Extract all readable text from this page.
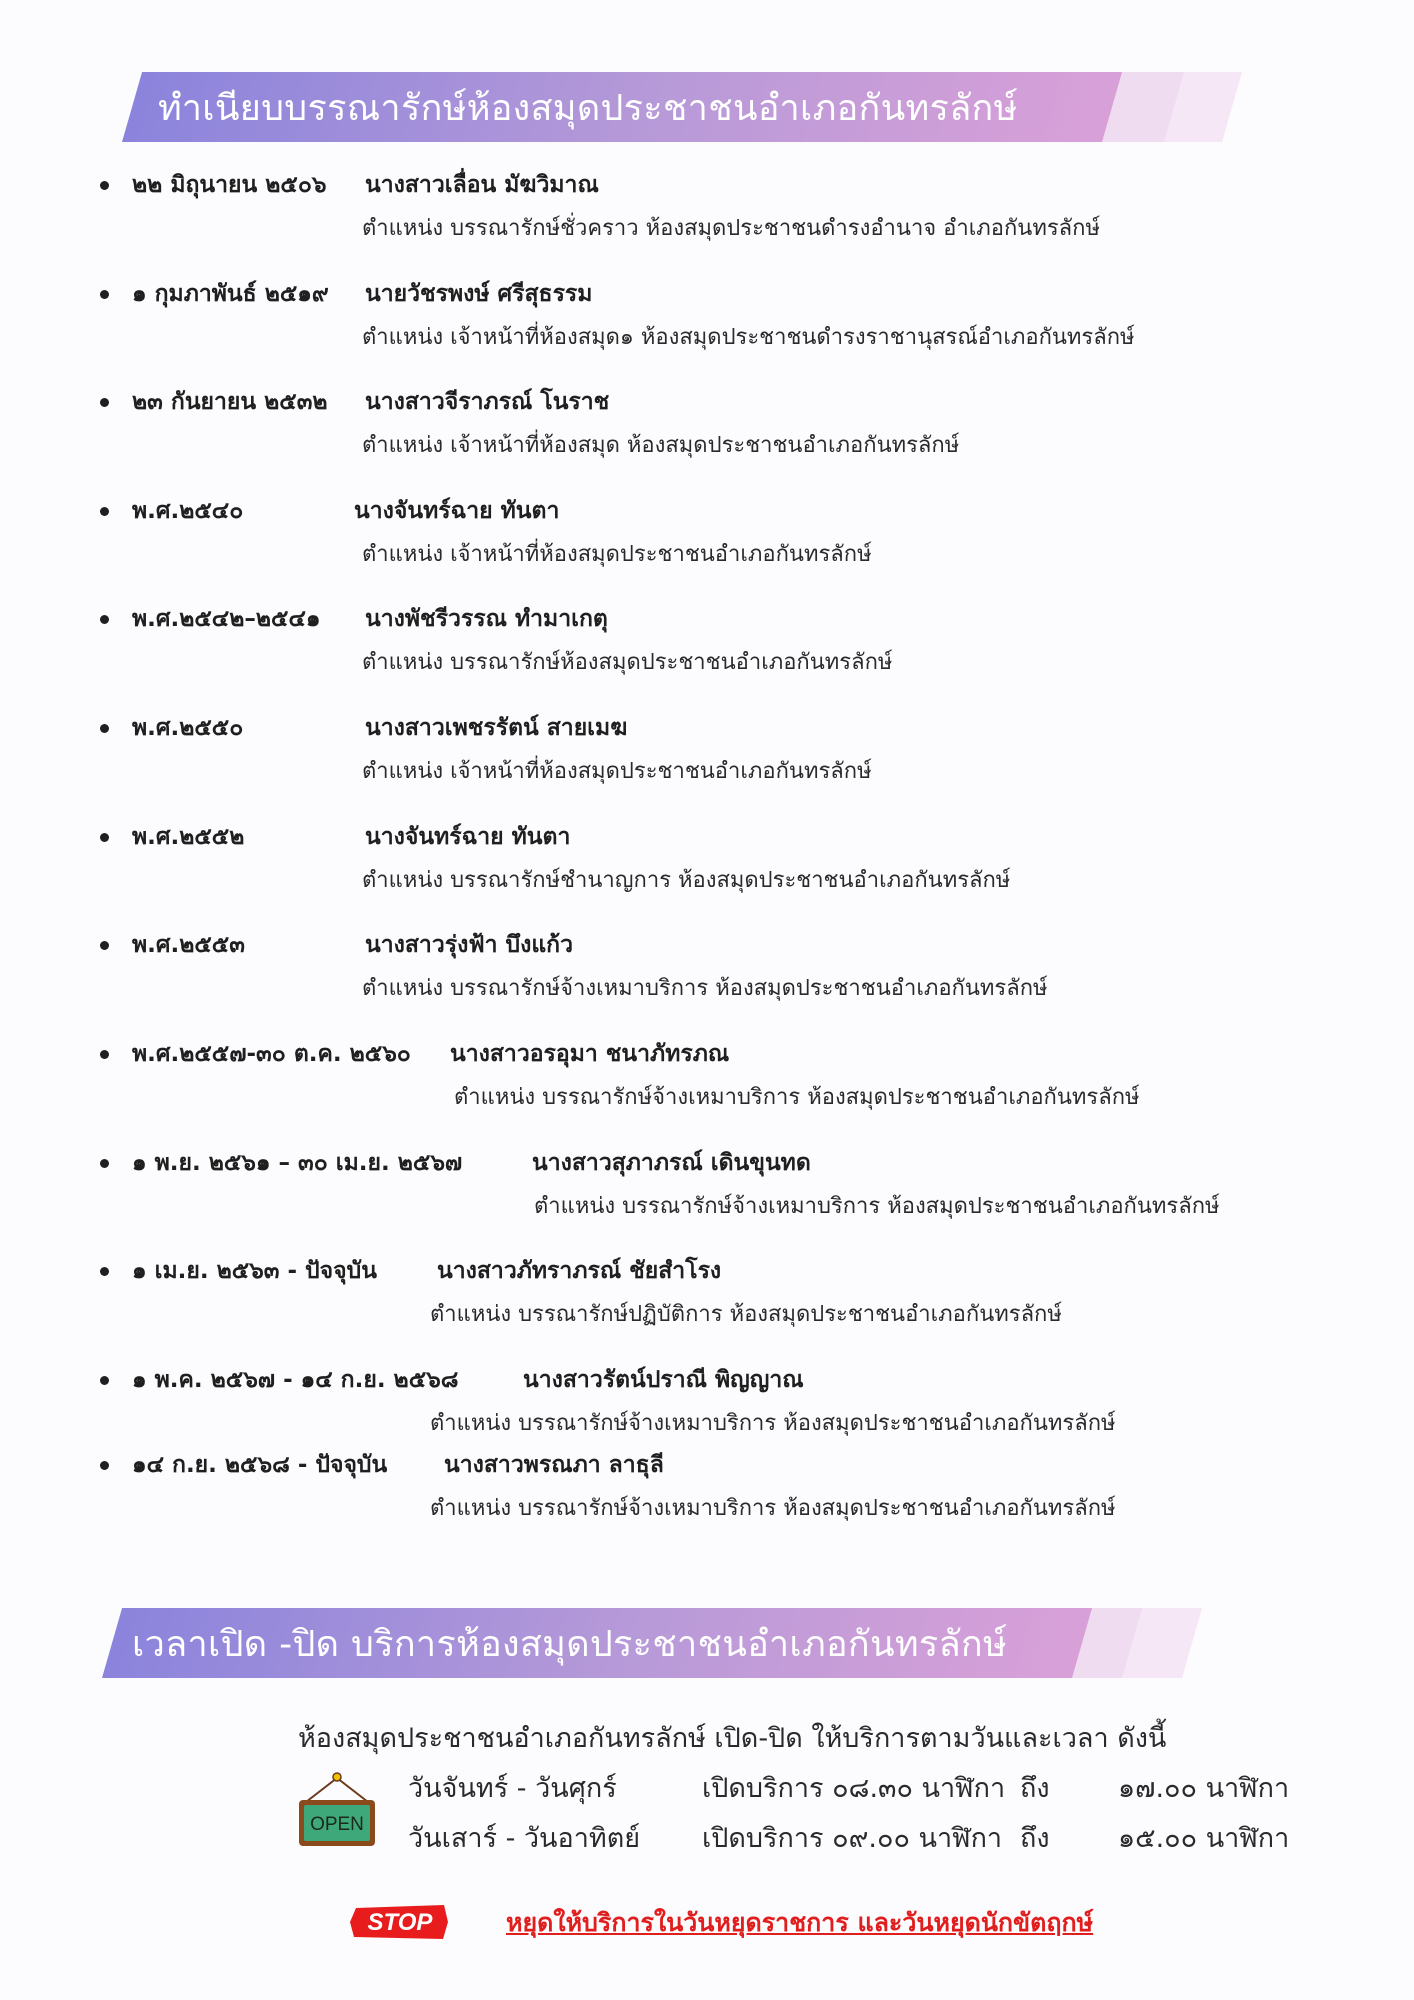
ทำเนียบบรรณารักษ์ห้องสมุดประชาชนอำเภอกันทรลักษ์
๒๒ มิถุนายน ๒๕๐๖ นางสาวเลื่อน มัฆวิมาณ
ตำแหน่ง บรรณารักษ์ชั่วคราว ห้องสมุดประชาชนดำรงอำนาจ อำเภอกันทรลักษ์
๑ กุมภาพันธ์ ๒๕๑๙ นายวัชรพงษ์ ศรีสุธรรม
ตำแหน่ง เจ้าหน้าที่ห้องสมุด๑ ห้องสมุดประชาชนดำรงราชานุสรณ์อำเภอกันทรลักษ์
๒๓ กันยายน ๒๕๓๒ นางสาวจีราภรณ์ โนราช
ตำแหน่ง เจ้าหน้าที่ห้องสมุด ห้องสมุดประชาชนอำเภอกันทรลักษ์
พ.ศ.๒๕๔๐	นางจันทร์ฉาย ทันตา
ตำแหน่ง เจ้าหน้าที่ห้องสมุดประชาชนอำเภอกันทรลักษ์
พ.ศ.๒๕๔๒–๒๕๔๑ นางพัชรีวรรณ ทำมาเกตุ
ตำแหน่ง บรรณารักษ์ห้องสมุดประชาชนอำเภอกันทรลักษ์
พ.ศ.๒๕๕๐	นางสาวเพชรรัตน์ สายเมฆ
ตำแหน่ง เจ้าหน้าที่ห้องสมุดประชาชนอำเภอกันทรลักษ์
พ.ศ.๒๕๕๒	นางจันทร์ฉาย ทันตา
ตำแหน่ง บรรณารักษ์ชำนาญการ ห้องสมุดประชาชนอำเภอกันทรลักษ์
พ.ศ.๒๕๕๓	นางสาวรุ่งฟ้า บึงแก้ว
ตำแหน่ง บรรณารักษ์จ้างเหมาบริการ ห้องสมุดประชาชนอำเภอกันทรลักษ์
พ.ศ.๒๕๕๗-๓๐ ต.ค. ๒๕๖๐ นางสาวอรอุมา ชนาภัทรภณ
ตำแหน่ง บรรณารักษ์จ้างเหมาบริการ ห้องสมุดประชาชนอำเภอกันทรลักษ์
๑ พ.ย. ๒๕๖๑ – ๓๐ เม.ย. ๒๕๖๗	นางสาวสุภาภรณ์ เดินขุนทด
ตำแหน่ง บรรณารักษ์จ้างเหมาบริการ ห้องสมุดประชาชนอำเภอกันทรลักษ์
๑ เม.ย. ๒๕๖๓ - ปัจจุบัน	นางสาวภัทราภรณ์ ชัยสำโรง
ตำแหน่ง บรรณารักษ์ปฏิบัติการ ห้องสมุดประชาชนอำเภอกันทรลักษ์
๑ พ.ค. ๒๕๖๗ - ๑๔ ก.ย. ๒๕๖๘	นางสาวรัตน์ปราณี พิญญาณ
ตำแหน่ง บรรณารักษ์จ้างเหมาบริการ ห้องสมุดประชาชนอำเภอกันทรลักษ์
๑๔ ก.ย. ๒๕๖๘ - ปัจจุบัน นางสาวพรณภา ลาธุลี
ตำแหน่ง บรรณารักษ์จ้างเหมาบริการ ห้องสมุดประชาชนอำเภอกันทรลักษ์
เวลาเปิด -ปิด บริการห้องสมุดประชาชนอำเภอกันทรลักษ์
ห้องสมุดประชาชนอำเภอกันทรลักษ์ เปิด-ปิด ให้บริการตามวันและเวลา ดังนี้
วันจันทร์ - วันศุกร์	เปิดบริการ ๐๘.๓๐ นาฬิกา ถึง	๑๗.๐๐ นาฬิกา
วันเสาร์ - วันอาทิตย์ เปิดบริการ ๐๙.๐๐ นาฬิกา ถึง	๑๕.๐๐ นาฬิกา
OPEN
STOP	หยุดให้บริการในวันหยุดราชการ และวันหยุดนักขัตฤกษ์
